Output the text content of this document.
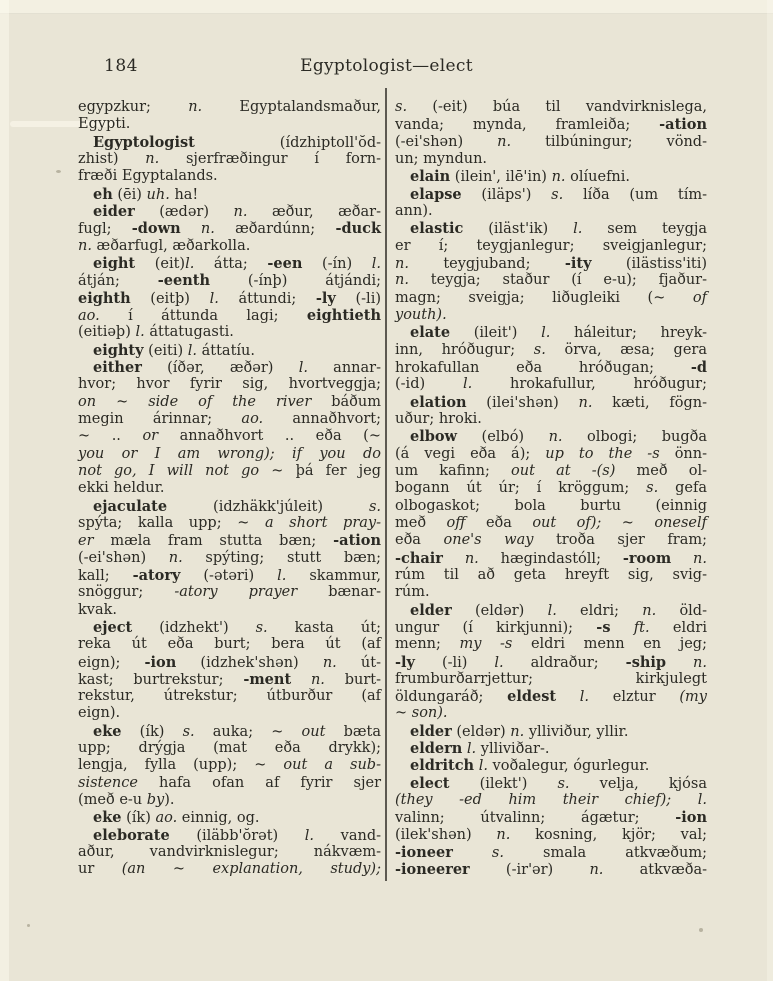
184	Egyptologist—elect
egypzkur; n. Egyptalandsmaður,
Egypti.
Egyptologist (ídzhiptoll'ŏd-
zhist) n. sjerfræðingur í forn-
fræði Egyptalands.
eh (ēi) uh. ha!
eider (ædər) n. æður, æðar-
fugl; -down n. æðardúnn; -duck
n. æðarfugl, æðarkolla.
eight (eit)l. átta; -een (-ín) l.
átján; -eenth (-ínþ) átjándi;
eighth (eitþ) l. áttundi; -ly (-li)
ao. í áttunda lagi; eightieth
(eitiəþ) l. áttatugasti.
eighty (eiti) l. áttatíu.
either (íðər, æðər) l. annar-
hvor; hvor fyrir sig, hvortveggja;
on ~ side of the river báðum
megin árinnar; ao. annaðhvort;
~ .. or annaðhvort .. eða (~
you or I am wrong); if you do
not go, I will not go ~ þá fer jeg
ekki heldur.
ejaculate (idzhäkk'júleit) s.
spýta; kalla upp; ~ a short pray-
er mæla fram stutta bæn; -ation
(-ei'shən) n. spýting; stutt bæn;
kall; -atory (-ətəri) l. skammur,
snöggur; -atory prayer bænar-
kvak.
eject (idzhekt') s. kasta út;
reka út eða burt; bera út (af
eign); -ion (idzhek'shən) n. út-
kast; burtrekstur; -ment n. burt-
rekstur, útrekstur; útburður (af
eign).
eke (ík) s. auka; ~ out bæta
upp; drýgja (mat eða drykk);
lengja, fylla (upp); ~ out a sub-
sistence hafa ofan af fyrir sjer
(með e-u by).
eke (ík) ao. einnig, og.
eleborate (iläbb'ŏrət) l. vand-
aður, vandvirknislegur; nákvæm-
ur (an ~ explanation, study);
s. (-eit) búa til vandvirknislega,
vanda; mynda, framleiða; -ation
(-ei'shən) n. tilbúningur; vönd-
un; myndun.
elain (ilein', ilē'in) n. olíuefni.
elapse (iläps') s. líða (um tím-
ann).
elastic (iläst'ik) l. sem teygja
er í; teygjanlegur; sveigjanlegur;
n. teygjuband; -ity (ilästiss'iti)
n. teygja; staður (í e-u); fjaður-
magn; sveigja; liðugleiki (~ of
youth).
elate (ileit') l. háleitur; hreyk-
inn, hróðugur; s. örva, æsa; gera
hrokafullan eða hróðugan; -d
(-id) l. hrokafullur, hróðugur;
elation (ilei'shən) n. kæti, fögn-
uður; hroki.
elbow (elbó) n. olbogi; bugða
(á vegi eða á); up to the -s önn-
um kafinn; out at -(s) með ol-
bogann út úr; í kröggum; s. gefa
olbogaskot; bola burtu (einnig
með off eða out of); ~ oneself
eða one's way troða sjer fram;
-chair n. hægindastóll; -room n.
rúm til að geta hreyft sig, svig-
rúm.
elder (eldər) l. eldri; n. öld-
ungur (í kirkjunni); -s ft. eldri
menn; my -s eldri menn en jeg;
-ly (-li) l. aldraður; -ship n.
frumburðarrjettur; kirkjulegt
öldungaráð; eldest l. elztur (my
~ son).
elder (eldər) n. ylliviður, yllir.
eldern l. ylliviðar-.
eldritch l. voðalegur, ógurlegur.
elect (ilekt') s. velja, kjósa
(they -ed him their chief); l.
valinn; útvalinn; ágætur; -ion
(ilek'shən) n. kosning, kjör; val;
-ioneer	s. smala atkvæðum;
-ioneerer (-ir'ər) n. atkvæða-
